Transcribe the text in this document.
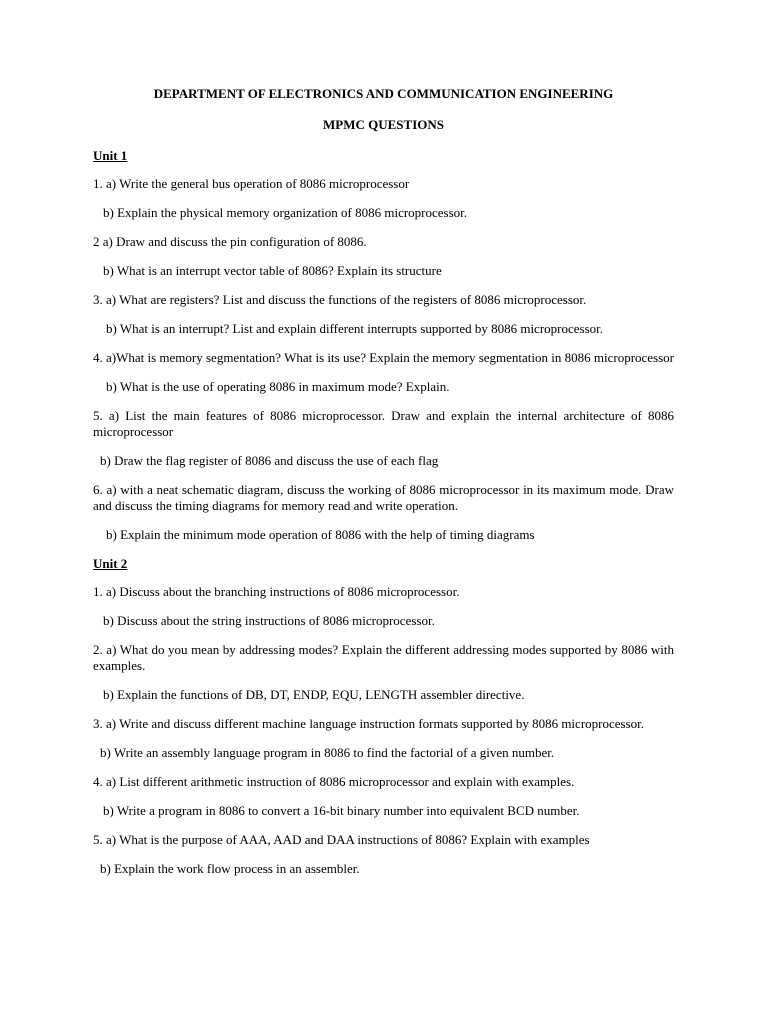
DEPARTMENT OF ELECTRONICS AND COMMUNICATION ENGINEERING

MPMC QUESTIONS

Unit 1

1. a) Write the general bus operation of 8086 microprocessor

b) Explain the physical memory organization of 8086 microprocessor.

2 a) Draw and discuss the pin configuration of 8086.

b) What is an interrupt vector table of 8086? Explain its structure

3. a) What are registers? List and discuss the functions of the registers of 8086 microprocessor.

b) What is an interrupt? List and explain different interrupts supported by 8086 microprocessor.

4. a)What is memory segmentation? What is its use? Explain the memory segmentation in 8086 microprocessor

b) What is the use of operating 8086 in maximum mode? Explain.

5. a) List the main features of 8086 microprocessor. Draw and explain the internal architecture of 8086 microprocessor

b) Draw the flag register of 8086 and discuss the use of each flag

6. a) with a neat schematic diagram, discuss the working of 8086 microprocessor in its maximum mode. Draw and discuss the timing diagrams for memory read and write operation.

b) Explain the minimum mode operation of 8086 with the help of timing diagrams

Unit 2

1. a) Discuss about the branching instructions of 8086 microprocessor.

b) Discuss about the string instructions of 8086 microprocessor.

2. a) What do you mean by addressing modes? Explain the different addressing modes supported by 8086 with examples.

b) Explain the functions of DB, DT, ENDP, EQU, LENGTH assembler directive.

3. a) Write and discuss different machine language instruction formats supported by 8086 microprocessor.

b) Write an assembly language program in 8086 to find the factorial of a given number.

4. a) List different arithmetic instruction of 8086 microprocessor and explain with examples.

b) Write a program in 8086 to convert a 16-bit binary number into equivalent BCD number.

5. a) What is the purpose of AAA, AAD and DAA instructions of 8086? Explain with examples

b) Explain the work flow process in an assembler.
